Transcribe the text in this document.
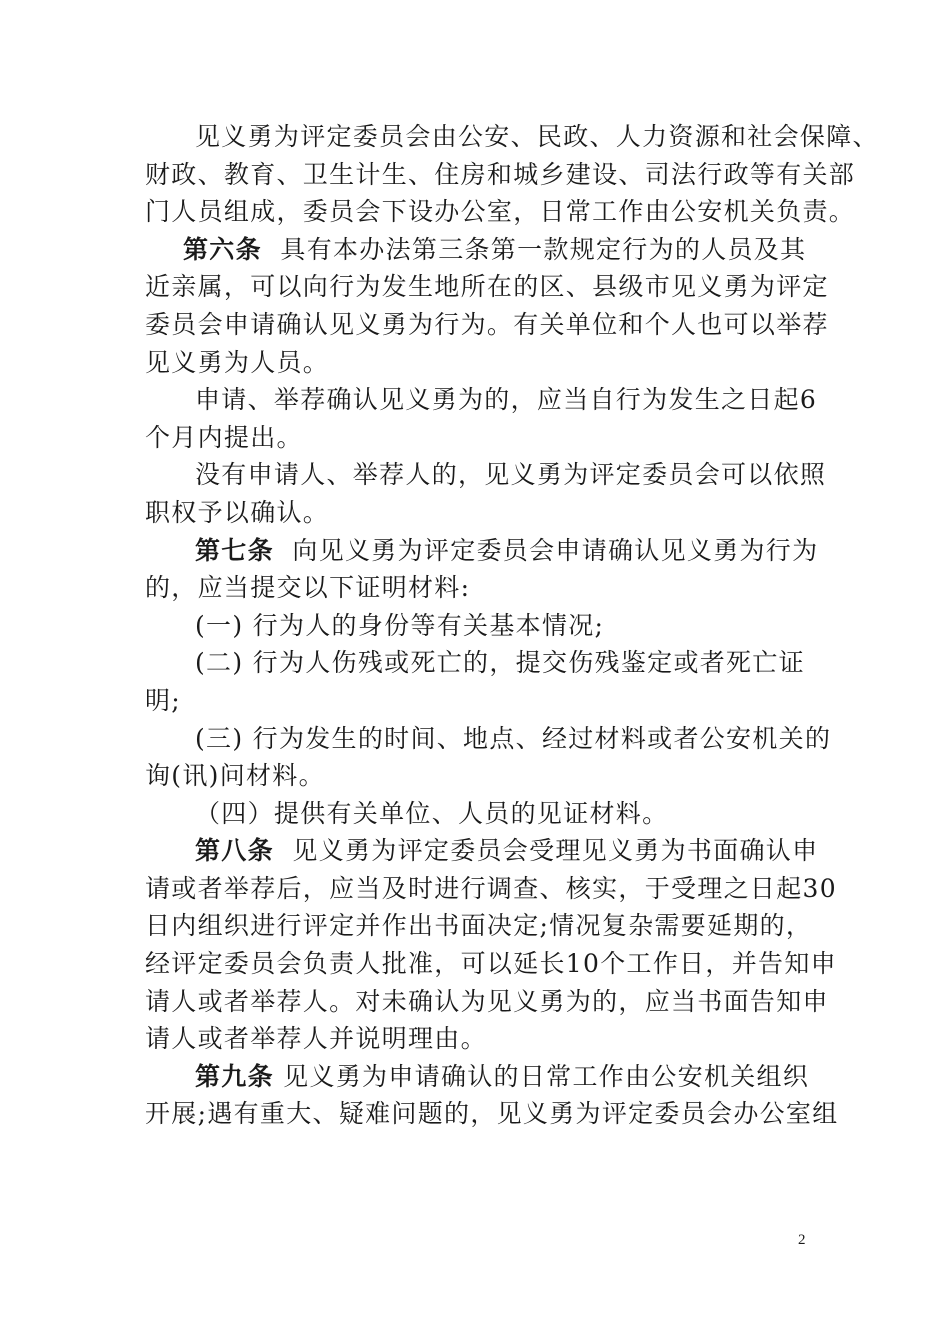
见义勇为评定委员会由公安、民政、人力资源和社会保障、
财政、教育、卫生计生、住房和城乡建设、司法行政等有关部
门人员组成，委员会下设办公室，日常工作由公安机关负责。
第六条  具有本办法第三条第一款规定行为的人员及其
近亲属，可以向行为发生地所在的区、县级市见义勇为评定
委员会申请确认见义勇为行为。有关单位和个人也可以举荐
见义勇为人员。
申请、举荐确认见义勇为的，应当自行为发生之日起6
个月内提出。
没有申请人、举荐人的，见义勇为评定委员会可以依照
职权予以确认。
第七条  向见义勇为评定委员会申请确认见义勇为行为
的，应当提交以下证明材料:
(一) 行为人的身份等有关基本情况;
(二) 行为人伤残或死亡的，提交伤残鉴定或者死亡证
明;
(三) 行为发生的时间、地点、经过材料或者公安机关的
询(讯)问材料。
（四）提供有关单位、人员的见证材料。
第八条  见义勇为评定委员会受理见义勇为书面确认申
请或者举荐后，应当及时进行调查、核实，于受理之日起30
日内组织进行评定并作出书面决定;情况复杂需要延期的，
经评定委员会负责人批准，可以延长10个工作日，并告知申
请人或者举荐人。对未确认为见义勇为的，应当书面告知申
请人或者举荐人并说明理由。
第九条 见义勇为申请确认的日常工作由公安机关组织
开展;遇有重大、疑难问题的，见义勇为评定委员会办公室组
2
